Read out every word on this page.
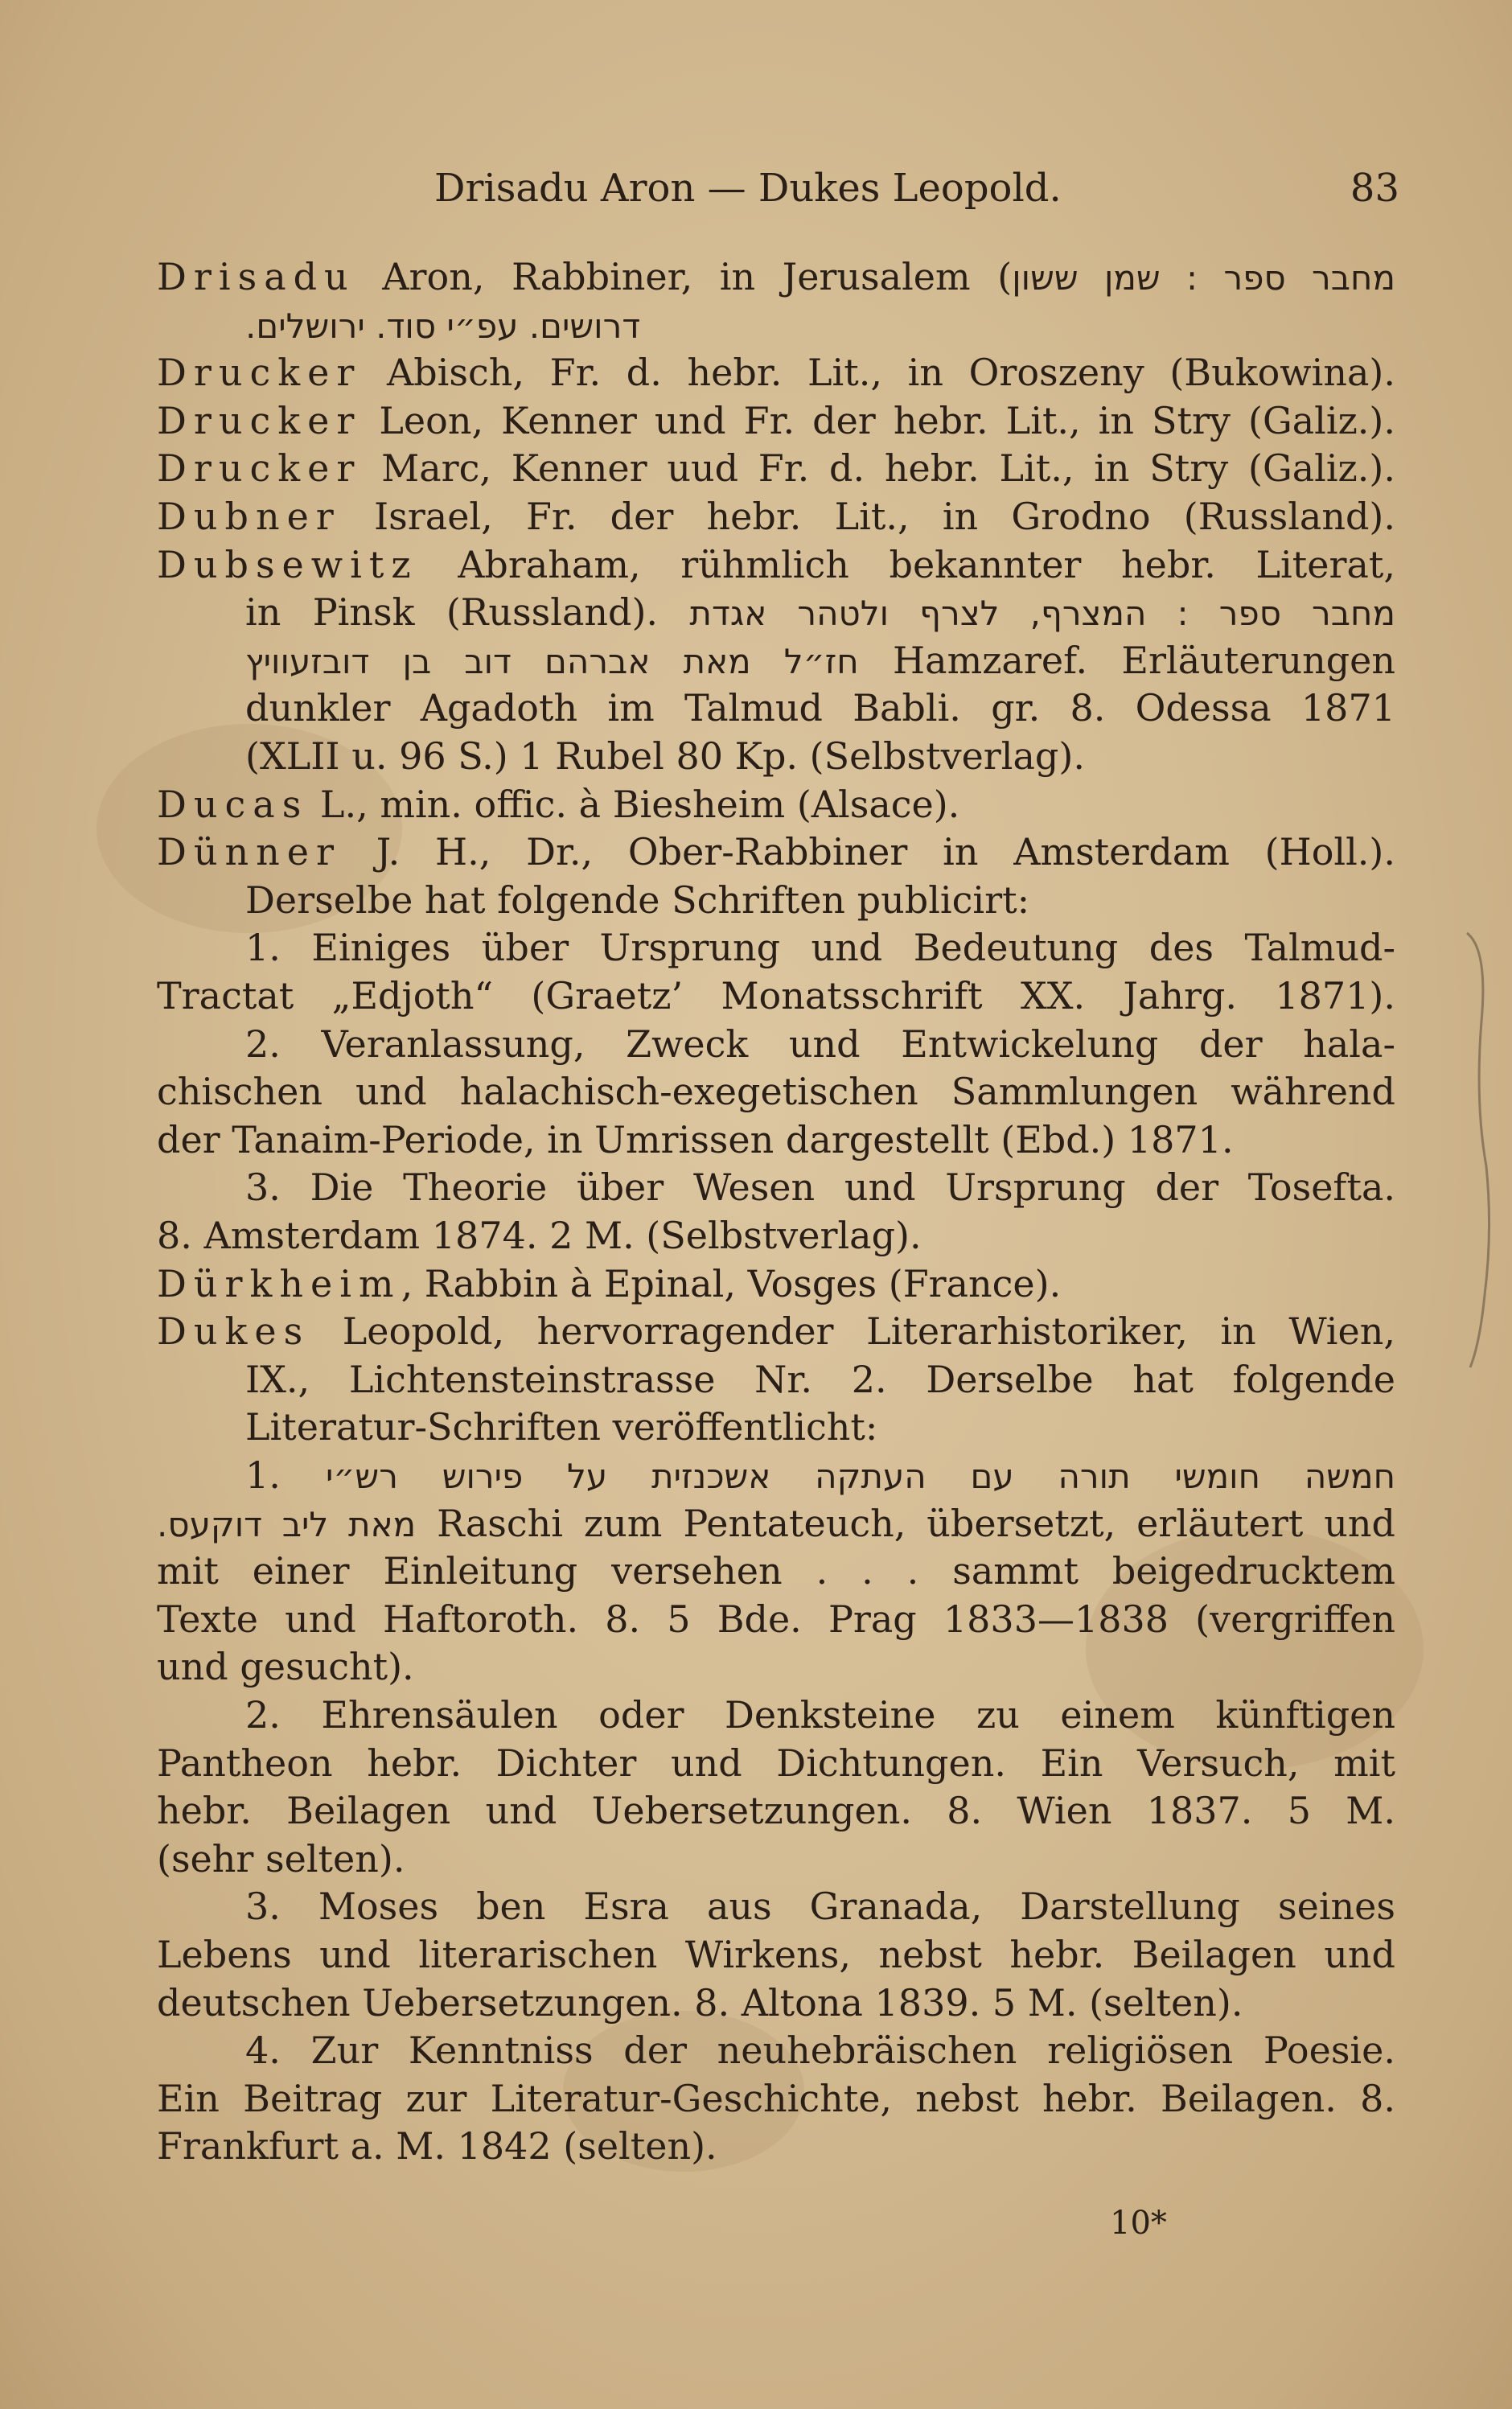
Drisadu Aron — Dukes Leopold.	83
Drisadu Aron, Rabbiner, in Jerusalem (מחבר ספר : שמן ששון
דרושים. עפ״י סוד. ירושלים.
Drucker Abisch, Fr. d. hebr. Lit., in Oroszeny (Bukowina).
Drucker Leon, Kenner und Fr. der hebr. Lit., in Stry (Galiz.).
Drucker Marc, Kenner uud Fr. d. hebr. Lit., in Stry (Galiz.).
Dubner Israel, Fr. der hebr. Lit., in Grodno (Russland).
Dubsewitz Abraham, rühmlich bekannter hebr. Literat,
in Pinsk (Russland). מחבר ספר : המצרף, לצרף ולטהר אגדת
חז״ל מאת אברהם דוב בן דובזעוויץ Hamzaref. Erläuterungen
dunkler Agadoth im Talmud Babli. gr. 8. Odessa 1871
(XLII u. 96 S.) 1 Rubel 80 Kp. (Selbstverlag).
Ducas L., min. offic. à Biesheim (Alsace).
Dünner J. H., Dr., Ober-Rabbiner in Amsterdam (Holl.).
Derselbe hat folgende Schriften publicirt:
1. Einiges über Ursprung und Bedeutung des Talmud-
Tractat „Edjoth“ (Graetz’ Monatsschrift XX. Jahrg. 1871).
2. Veranlassung, Zweck und Entwickelung der hala-
chischen und halachisch-exegetischen Sammlungen während
der Tanaim-Periode, in Umrissen dargestellt (Ebd.) 1871.
3. Die Theorie über Wesen und Ursprung der Tosefta.
8. Amsterdam 1874. 2 M. (Selbstverlag).
Dürkheim, Rabbin à Epinal, Vosges (France).
Dukes Leopold, hervorragender Literarhistoriker, in Wien,
IX., Lichtensteinstrasse Nr. 2. Derselbe hat folgende
Literatur-Schriften veröffentlicht:
1. חמשה חומשי תורה עם העתקה אשכנזית על פירוש רש״י
מאת ליב דוקעס. Raschi zum Pentateuch, übersetzt, erläutert und
mit einer Einleitung versehen . . . sammt beigedrucktem
Texte und Haftoroth. 8. 5 Bde. Prag 1833—1838 (vergriffen
und gesucht).
2. Ehrensäulen oder Denksteine zu einem künftigen
Pantheon hebr. Dichter und Dichtungen. Ein Versuch, mit
hebr. Beilagen und Uebersetzungen. 8. Wien 1837. 5 M.
(sehr selten).
3. Moses ben Esra aus Granada, Darstellung seines
Lebens und literarischen Wirkens, nebst hebr. Beilagen und
deutschen Uebersetzungen. 8. Altona 1839. 5 M. (selten).
4. Zur Kenntniss der neuhebräischen religiösen Poesie.
Ein Beitrag zur Literatur-Geschichte, nebst hebr. Beilagen. 8.
Frankfurt a. M. 1842 (selten).
10*
